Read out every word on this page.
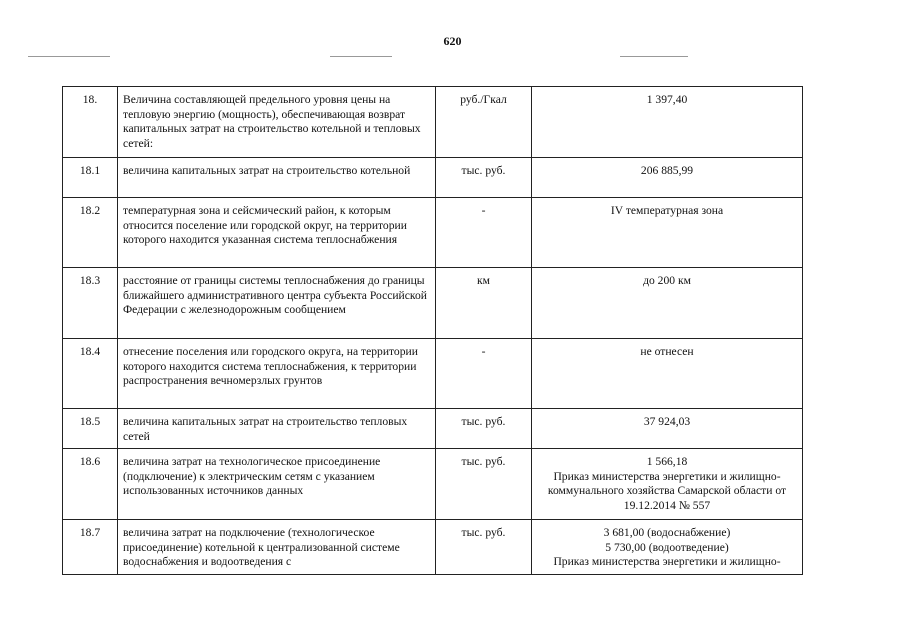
620
18.	Величина составляющей предельного уровня цены на тепловую энергию (мощность), обеспечивающая возврат капитальных затрат на строительство котельной и тепловых сетей:	руб./Гкал	1 397,40

18.1	величина капитальных затрат на строительство котельной	тыс. руб.	206 885,99

18.2	температурная зона и сейсмический район, к которым относится поселение или городской округ, на территории которого находится указанная система теплоснабжения	-	IV температурная зона

18.3	расстояние от границы системы теплоснабжения до границы ближайшего административного центра субъекта Российской Федерации с железнодорожным сообщением	км	до 200 км

18.4	отнесение поселения или городского округа, на территории которого находится система теплоснабжения, к территории распространения вечномерзлых грунтов	-	не отнесен

18.5	величина капитальных затрат на строительство тепловых сетей	тыс. руб.	37 924,03

18.6	величина затрат на технологическое присоединение (подключение) к электрическим сетям с указанием использованных источников данных	тыс. руб.	1 566,18
Приказ министерства энергетики и жилищно-коммунального хозяйства Самарской области от 19.12.2014 № 557

18.7	величина затрат на подключение (технологическое присоединение) котельной к централизованной системе водоснабжения и водоотведения с	тыс. руб.	3 681,00 (водоснабжение)
5 730,00 (водоотведение)
Приказ министерства энергетики и жилищно-
